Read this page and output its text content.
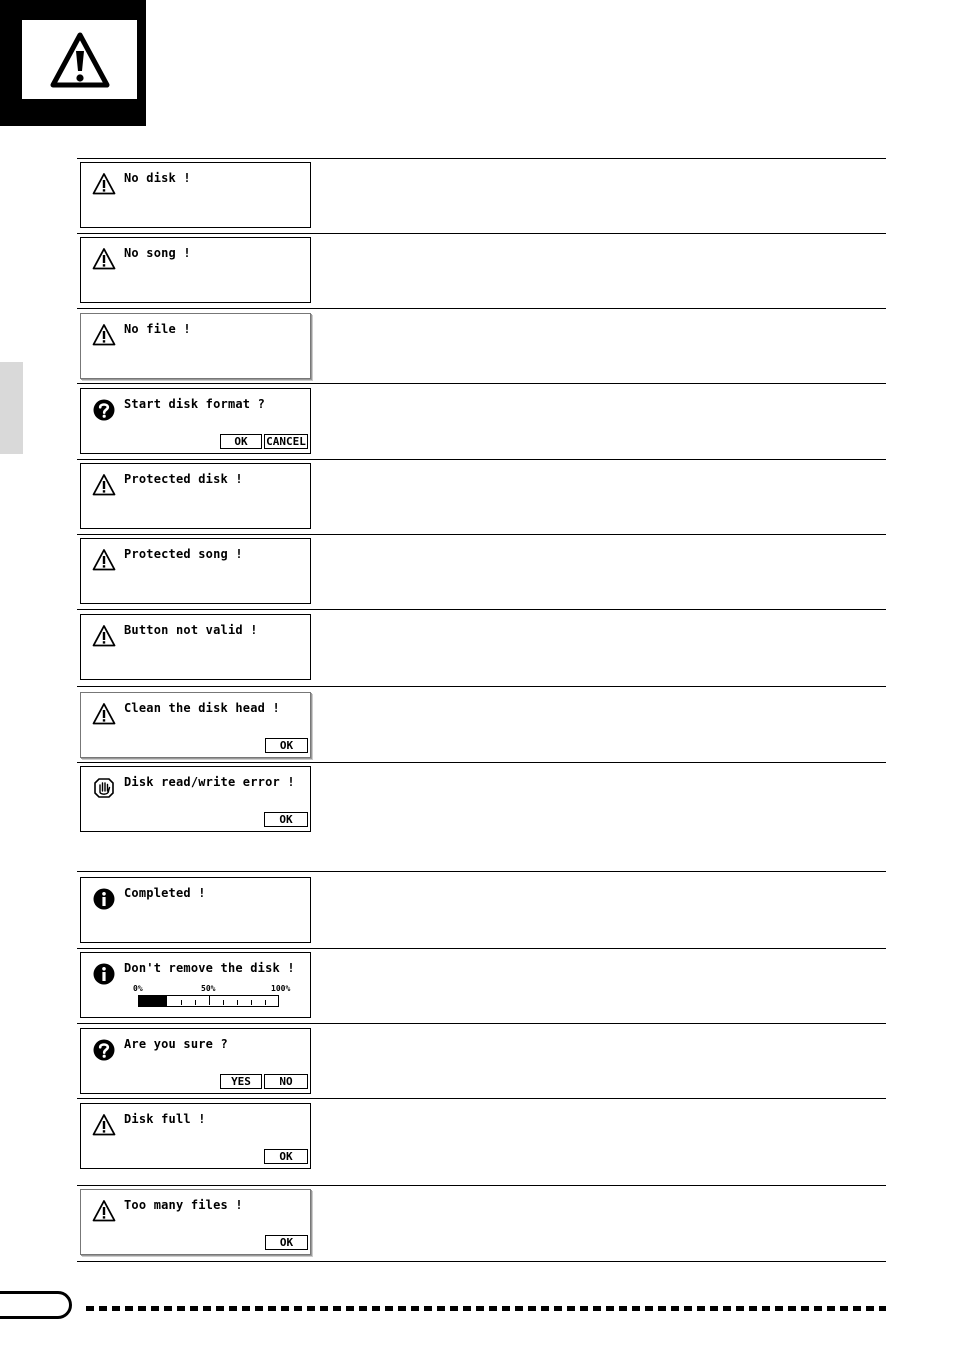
No disk !
No song !
No file !
Start disk format ?
OK	CANCEL
Protected disk !
Protected song !
Button not valid !
Clean the disk head !
OK
Disk read/write error !
OK
Completed !
Don't remove the disk !
0%	50%	100%
Are you sure ?
YES	NO
Disk full !
OK
Too many files !
OK
